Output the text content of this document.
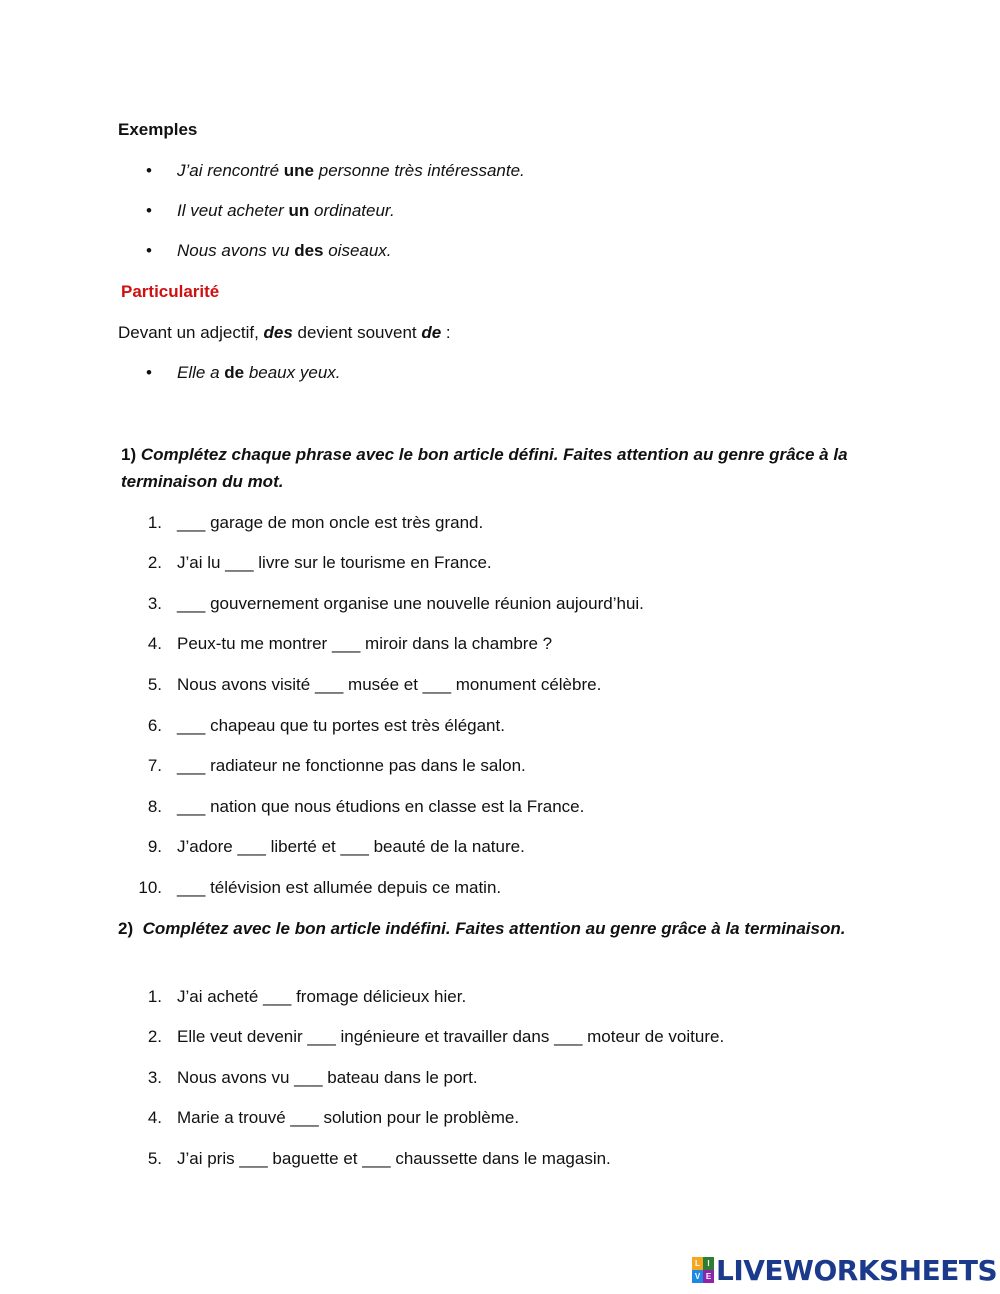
Exemples
• J’ai rencontré une personne très intéressante.
• Il veut acheter un ordinateur.
• Nous avons vu des oiseaux.
Particularité
Devant un adjectif, des devient souvent de :
• Elle a de beaux yeux.
1) Complétez chaque phrase avec le bon article défini. Faites attention au genre grâce à la terminaison du mot.
1. ___ garage de mon oncle est très grand.
2. J’ai lu ___ livre sur le tourisme en France.
3. ___ gouvernement organise une nouvelle réunion aujourd’hui.
4. Peux-tu me montrer ___ miroir dans la chambre ?
5. Nous avons visité ___ musée et ___ monument célèbre.
6. ___ chapeau que tu portes est très élégant.
7. ___ radiateur ne fonctionne pas dans le salon.
8. ___ nation que nous étudions en classe est la France.
9. J’adore ___ liberté et ___ beauté de la nature.
10. ___ télévision est allumée depuis ce matin.
2) Complétez avec le bon article indéfini. Faites attention au genre grâce à la terminaison.
1. J’ai acheté ___ fromage délicieux hier.
2. Elle veut devenir ___ ingénieure et travailler dans ___ moteur de voiture.
3. Nous avons vu ___ bateau dans le port.
4. Marie a trouvé ___ solution pour le problème.
5. J’ai pris ___ baguette et ___ chaussette dans le magasin.
L I
V E LIVEWORKSHEETS
